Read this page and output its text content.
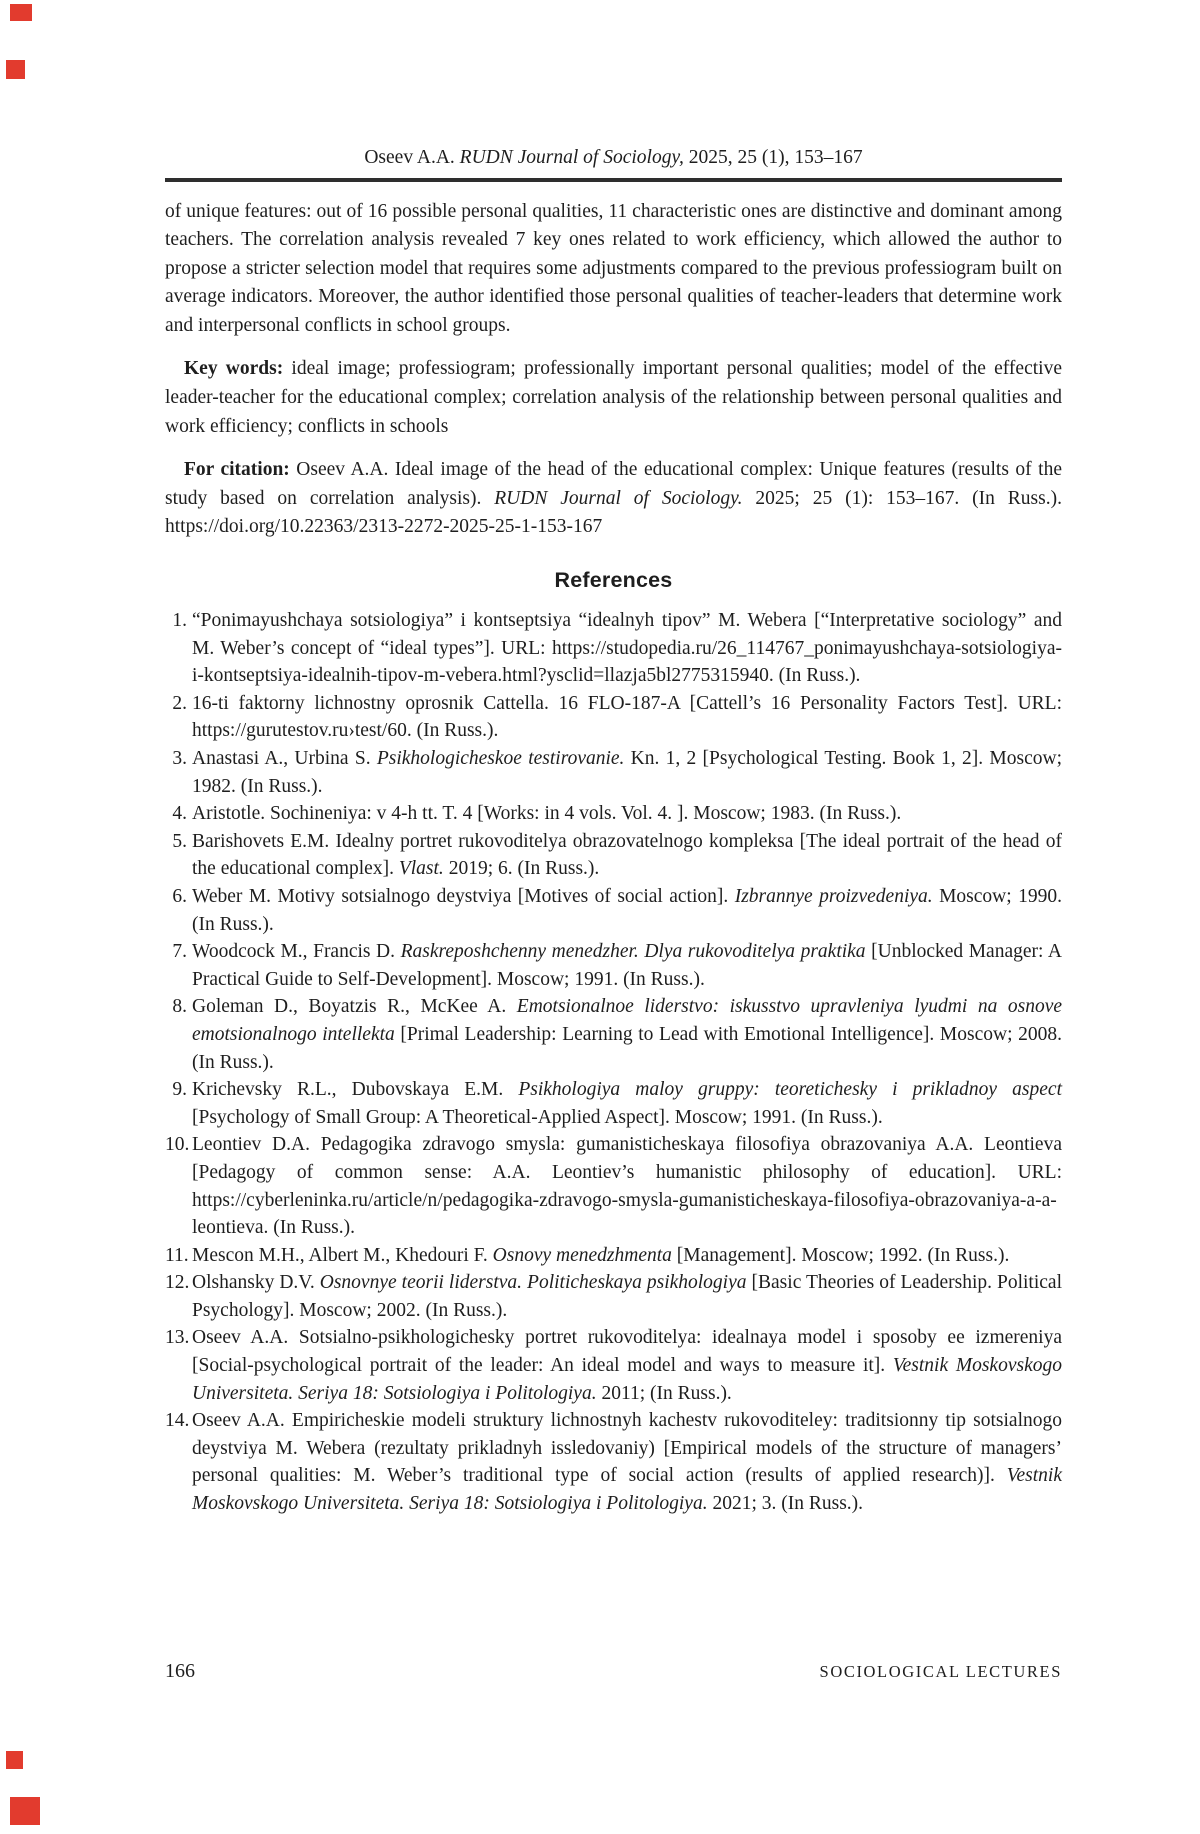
Oseev A.A. RUDN Journal of Sociology, 2025, 25 (1), 153–167

of unique features: out of 16 possible personal qualities, 11 characteristic ones are distinctive and dominant among teachers. The correlation analysis revealed 7 key ones related to work efficiency, which allowed the author to propose a stricter selection model that requires some adjustments compared to the previous professiogram built on average indicators. Moreover, the author identified those personal qualities of teacher-leaders that determine work and interpersonal conflicts in school groups.

Key words: ideal image; professiogram; professionally important personal qualities; model of the effective leader-teacher for the educational complex; correlation analysis of the relationship between personal qualities and work efficiency; conflicts in schools

For citation: Oseev A.A. Ideal image of the head of the educational complex: Unique features (results of the study based on correlation analysis). RUDN Journal of Sociology. 2025; 25 (1): 153–167. (In Russ.). https://doi.org/10.22363/2313-2272-2025-25-1-153-167

References
1. “Ponimayushchaya sotsiologiya” i kontseptsiya “idealnyh tipov” M. Webera [“Interpretative sociology” and M. Weber’s concept of “ideal types”]. URL: https://studopedia.ru/26_114767_ponimayushchaya-sotsiologiya-i-kontseptsiya-idealnih-tipov-m-vebera.html?ysclid=llazja5bl2775315940. (In Russ.).
2. 16-ti faktorny lichnostny oprosnik Cattella. 16 FLO-187-A [Cattell’s 16 Personality Factors Test]. URL: https://gurutestov.ru›test/60. (In Russ.).
3. Anastasi A., Urbina S. Psikhologicheskoe testirovanie. Kn. 1, 2 [Psychological Testing. Book 1, 2]. Moscow; 1982. (In Russ.).
4. Aristotle. Sochineniya: v 4-h tt. T. 4 [Works: in 4 vols. Vol. 4. ]. Moscow; 1983. (In Russ.).
5. Barishovets E.M. Idealny portret rukovoditelya obrazovatelnogo kompleksa [The ideal portrait of the head of the educational complex]. Vlast. 2019; 6. (In Russ.).
6. Weber M. Motivy sotsialnogo deystviya [Motives of social action]. Izbrannye proizvedeniya. Moscow; 1990. (In Russ.).
7. Woodcock M., Francis D. Raskreposhchenny menedzher. Dlya rukovoditelya praktika [Unblocked Manager: A Practical Guide to Self-Development]. Moscow; 1991. (In Russ.).
8. Goleman D., Boyatzis R., McKee A. Emotsionalnoe liderstvo: iskusstvo upravleniya lyudmi na osnove emotsionalnogo intellekta [Primal Leadership: Learning to Lead with Emotional Intelligence]. Moscow; 2008. (In Russ.).
9. Krichevsky R.L., Dubovskaya E.M. Psikhologiya maloy gruppy: teoretichesky i prikladnoy aspect [Psychology of Small Group: A Theoretical-Applied Aspect]. Moscow; 1991. (In Russ.).
10. Leontiev D.A. Pedagogika zdravogo smysla: gumanisticheskaya filosofiya obrazovaniya A.A. Leontieva [Pedagogy of common sense: A.A. Leontiev’s humanistic philosophy of education]. URL: https://cyberleninka.ru/article/n/pedagogika-zdravogo-smysla-gumanisticheskaya-filosofiya-obrazovaniya-a-a-leontieva. (In Russ.).
11. Mescon M.H., Albert M., Khedouri F. Osnovy menedzhmenta [Management]. Moscow; 1992. (In Russ.).
12. Olshansky D.V. Osnovnye teorii liderstva. Politicheskaya psikhologiya [Basic Theories of Leadership. Political Psychology]. Moscow; 2002. (In Russ.).
13. Oseev A.A. Sotsialno-psikhologichesky portret rukovoditelya: idealnaya model i sposoby ee izmereniya [Social-psychological portrait of the leader: An ideal model and ways to measure it]. Vestnik Moskovskogo Universiteta. Seriya 18: Sotsiologiya i Politologiya. 2011; (In Russ.).
14. Oseev A.A. Empiricheskie modeli struktury lichnostnyh kachestv rukovoditeley: traditsionny tip sotsialnogo deystviya M. Webera (rezultaty prikladnyh issledovaniy) [Empirical models of the structure of managers’ personal qualities: M. Weber’s traditional type of social action (results of applied research)]. Vestnik Moskovskogo Universiteta. Seriya 18: Sotsiologiya i Politologiya. 2021; 3. (In Russ.).
166	SOCIOLOGICAL LECTURES
